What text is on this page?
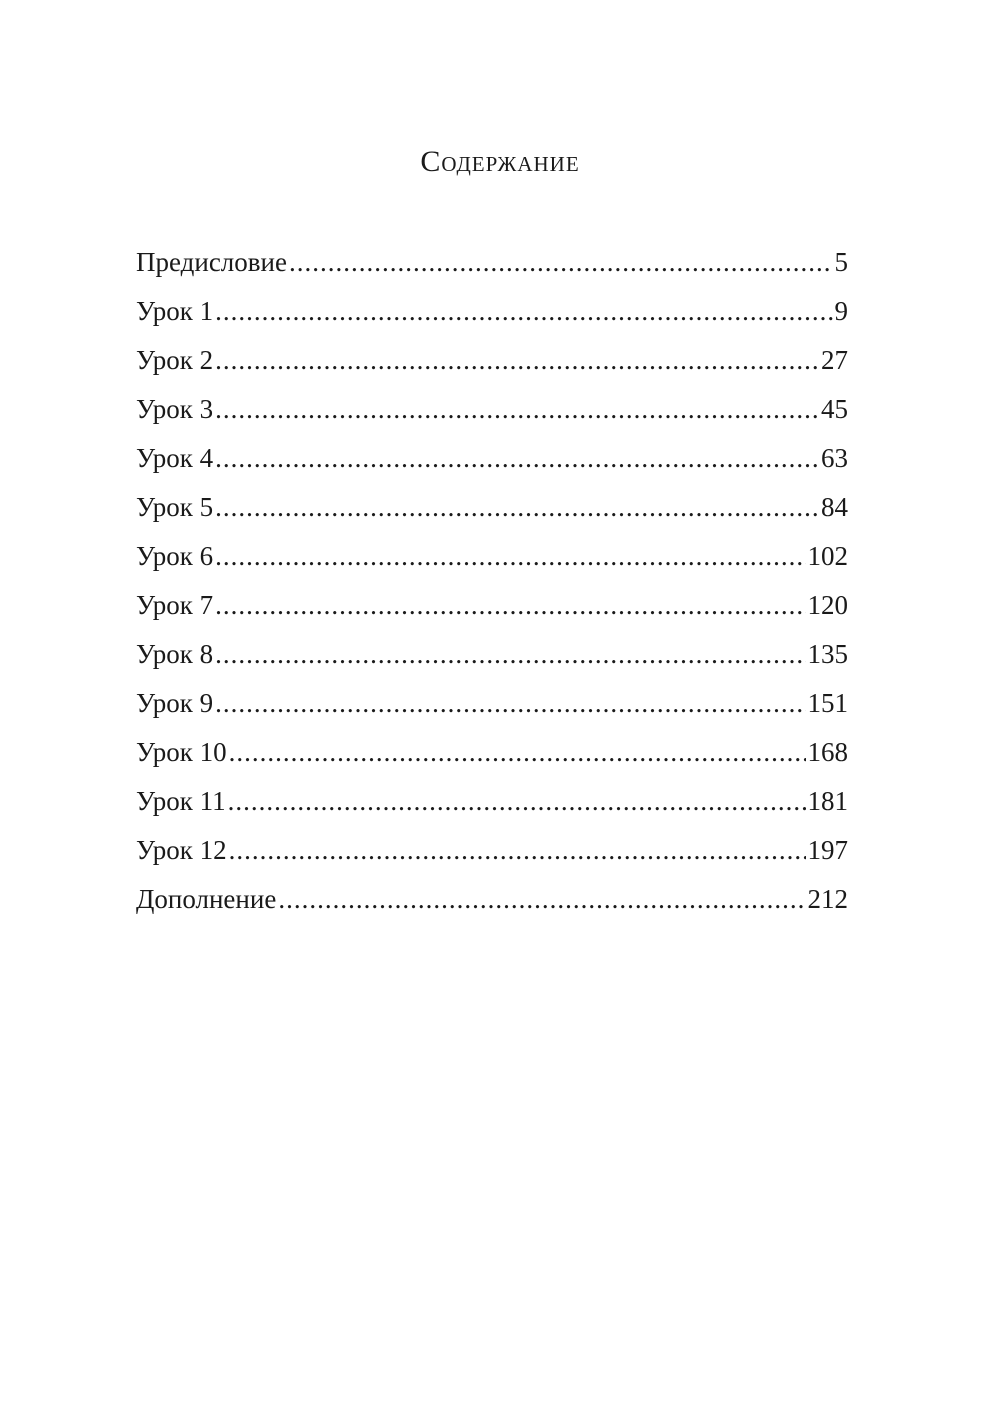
Содержание
Предисловие .....	5
Урок 1 .....	9
Урок 2 .....	27
Урок 3 .....	45
Урок 4 .....	63
Урок 5 .....	84
Урок 6 .....	102
Урок 7 .....	120
Урок 8 .....	135
Урок 9 .....	151
Урок 10 .....	168
Урок 11 .....	181
Урок 12 .....	197
Дополнение .....	212
